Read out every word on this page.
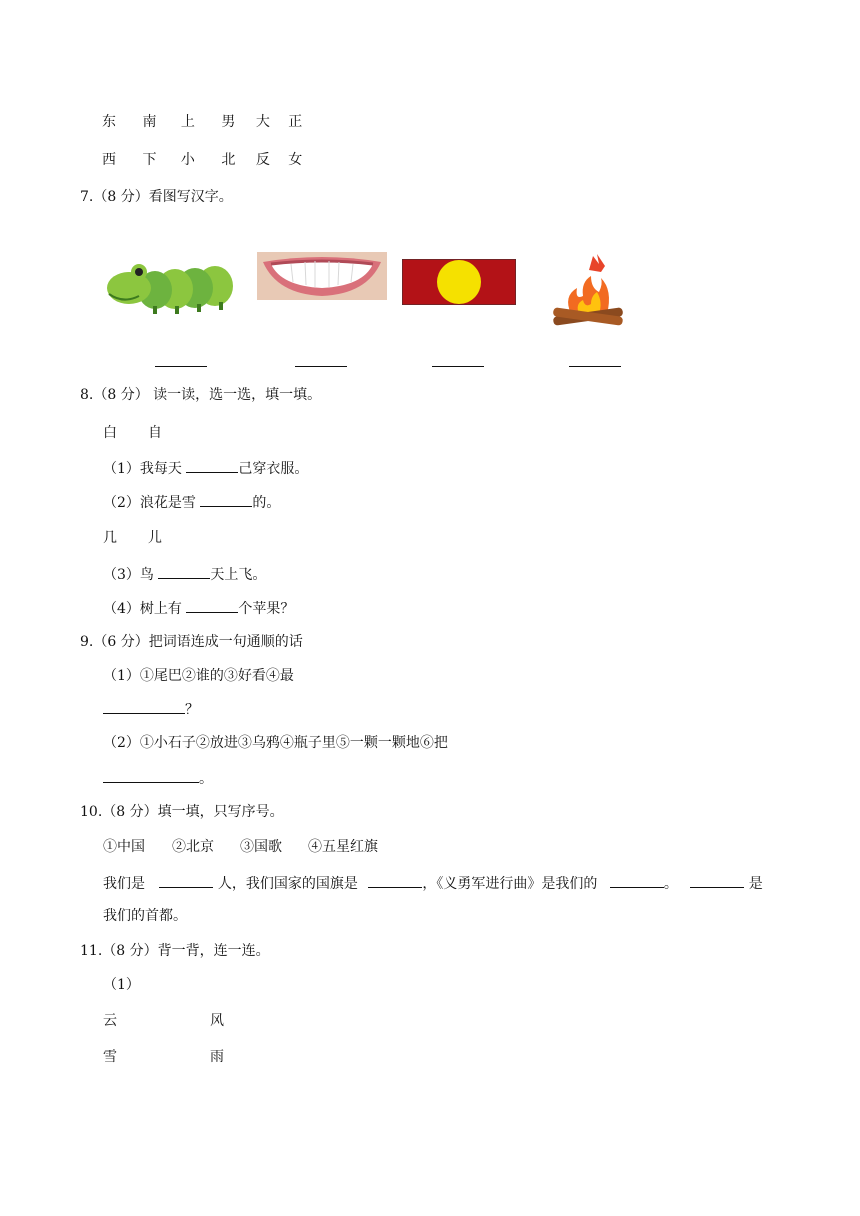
东 南 上 男 大 正
西 下 小 北 反 女
7.（8 分）看图写汉字。
8.（8 分） 读一读，选一选，填一填。
白 自
（1）我每天	己穿衣服。
（2）浪花是雪	的。
几 儿
（3）鸟	天上飞。
（4）树上有	个苹果？
9.（6 分）把词语连成一句通顺的话
（1）①尾巴②谁的③好看④最
？
（2）①小石子②放进③乌鸦④瓶子里⑤一颗一颗地⑥把
。
10.（8 分）填一填，只写序号。
①中国 ②北京 ③国歌 ④五星红旗
我们是	人，我们国家的国旗是	，《义勇军进行曲》是我们的	。	是
我们的首都。
11.（8 分）背一背，连一连。
（1）
云	风
雪	雨
